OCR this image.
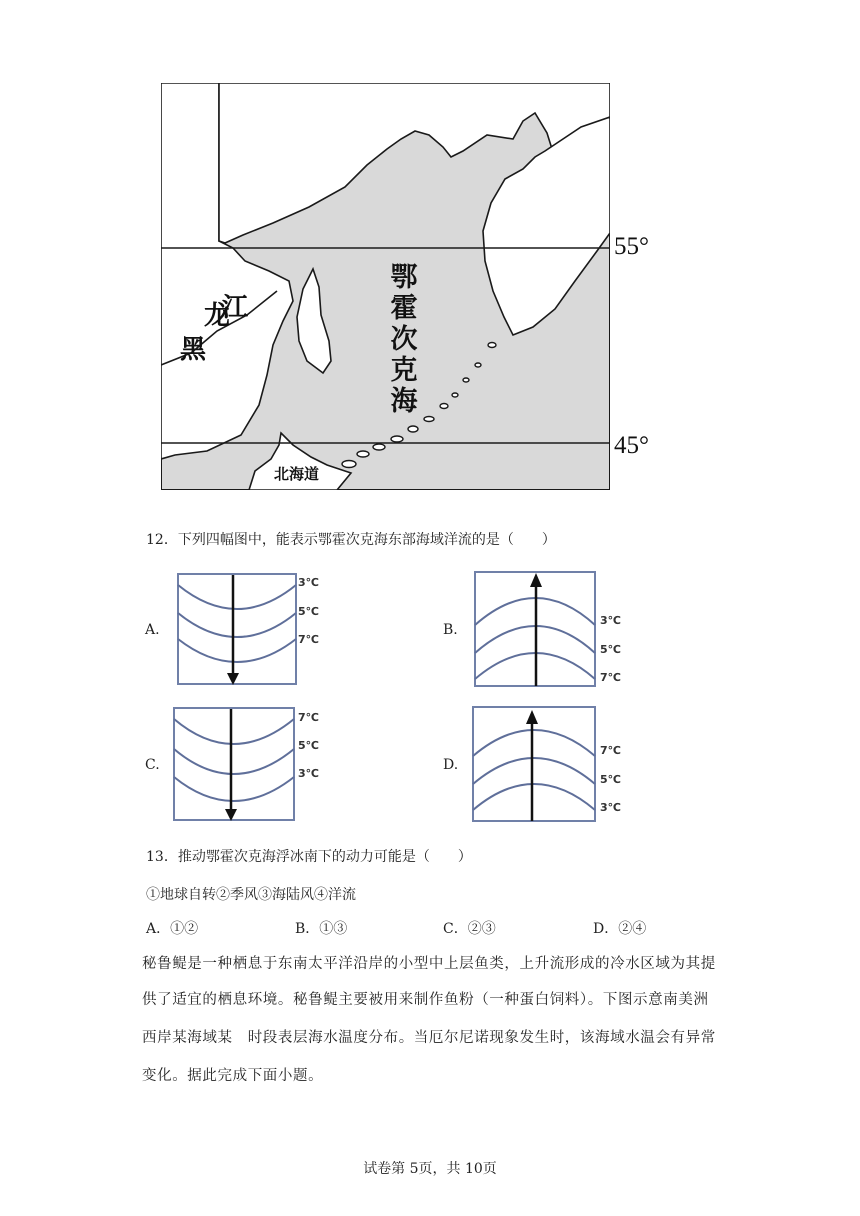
55°
45°
鄂
霍
次
克
海
黑
龙
江
北海道
12．下列四幅图中，能表示鄂霍次克海东部海域洋流的是（　　）
A.
3℃
5℃
7℃
B.
3℃
5℃
7℃
C.
7℃
5℃
3℃
D.
7℃
5℃
3℃
13．推动鄂霍次克海浮冰南下的动力可能是（　　）
①地球自转②季风③海陆风④洋流
A．①②	B．①③	C．②③	D．②④
秘鲁鳀是一种栖息于东南太平洋沿岸的小型中上层鱼类，上升流形成的冷水区域为其提
供了适宜的栖息环境。秘鲁鳀主要被用来制作鱼粉（一种蛋白饲料）。下图示意南美洲
西岸某海域某　时段表层海水温度分布。当厄尔尼诺现象发生时，该海域水温会有异常
变化。据此完成下面小题。
试卷第 5页，共 10页
